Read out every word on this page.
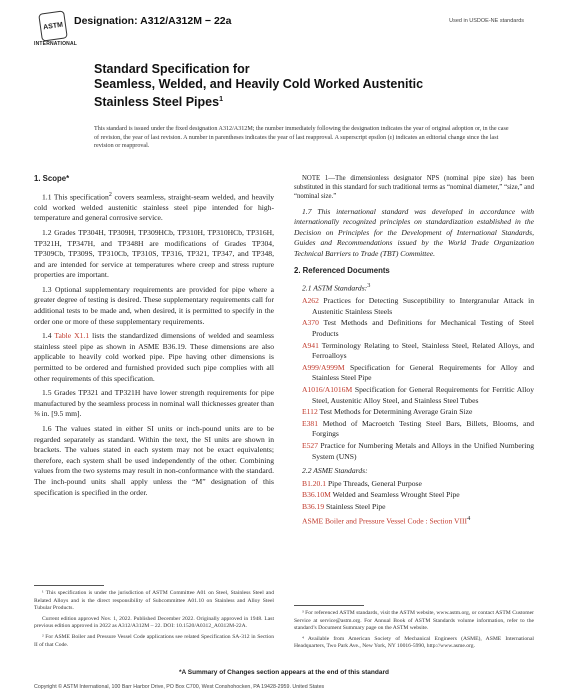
ASTM
INTERNATIONAL
Designation: A312/A312M − 22a	Used in USDOE-NE standards
Standard Specification for
Seamless, Welded, and Heavily Cold Worked Austenitic
Stainless Steel Pipes$^1$
This standard is issued under the fixed designation A312/A312M; the number immediately following the designation indicates the year of original adoption or, in the case of revision, the year of last revision. A number in parentheses indicates the year of last reapproval. A superscript epsilon (ε) indicates an editorial change since the last revision or reapproval.
1. Scope*

1.1 This specification$^2$ covers seamless, straight-seam welded, and heavily cold worked welded austenitic stainless steel pipe intended for high-temperature and general corrosive service.

1.2 Grades TP304H, TP309H, TP309HCb, TP310H, TP310HCb, TP316H, TP321H, TP347H, and TP348H are modifications of Grades TP304, TP309Cb, TP309S, TP310Cb, TP310S, TP316, TP321, TP347, and TP348, and are intended for service at temperatures where creep and stress rupture properties are important.

1.3 Optional supplementary requirements are provided for pipe where a greater degree of testing is desired. These supplementary requirements call for additional tests to be made and, when desired, it is permitted to specify in the order one or more of these supplementary requirements.

1.4 Table X1.1 lists the standardized dimensions of welded and seamless stainless steel pipe as shown in ASME B36.19. These dimensions are also applicable to heavily cold worked pipe. Pipe having other dimensions is permitted to be ordered and furnished provided such pipe complies with all other requirements of this specification.

1.5 Grades TP321 and TP321H have lower strength requirements for pipe manufactured by the seamless process in nominal wall thicknesses greater than ⅜ in. [9.5 mm].

1.6 The values stated in either SI units or inch-pound units are to be regarded separately as standard. Within the text, the SI units are shown in brackets. The values stated in each system may not be exact equivalents; therefore, each system shall be used independently of the other. Combining values from the two systems may result in non-conformance with the standard. The inch-pound units shall apply unless the “M” designation of this specification is specified in the order.

NOTE 1—The dimensionless designator NPS (nominal pipe size) has been substituted in this standard for such traditional terms as “nominal diameter,” “size,” and “nominal size.”

1.7 This international standard was developed in accordance with internationally recognized principles on standardization established in the Decision on Principles for the Development of International Standards, Guides and Recommendations issued by the World Trade Organization Technical Barriers to Trade (TBT) Committee.

2. Referenced Documents
2.1 ASTM Standards:$^3$
A262 Practices for Detecting Susceptibility to Intergranular Attack in Austenitic Stainless Steels
A370 Test Methods and Definitions for Mechanical Testing of Steel Products
A941 Terminology Relating to Steel, Stainless Steel, Related Alloys, and Ferroalloys
A999/A999M Specification for General Requirements for Alloy and Stainless Steel Pipe
A1016/A1016M Specification for General Requirements for Ferritic Alloy Steel, Austenitic Alloy Steel, and Stainless Steel Tubes
E112 Test Methods for Determining Average Grain Size
E381 Method of Macroetch Testing Steel Bars, Billets, Blooms, and Forgings
E527 Practice for Numbering Metals and Alloys in the Unified Numbering System (UNS)
2.2 ASME Standards:
B1.20.1 Pipe Threads, General Purpose
B36.10M Welded and Seamless Wrought Steel Pipe
B36.19 Stainless Steel Pipe
ASME Boiler and Pressure Vessel Code : Section VIII$^4$

¹ This specification is under the jurisdiction of ASTM Committee A01 on Steel, Stainless Steel and Related Alloys and is the direct responsibility of Subcommittee A01.10 on Stainless and Alloy Steel Tubular Products.

Current edition approved Nov. 1, 2022. Published December 2022. Originally approved in 1948. Last previous edition approved in 2022 as A312/A312M – 22. DOI: 10.1520/A0312_A0312M-22A.

² For ASME Boiler and Pressure Vessel Code applications see related Specification SA-312 in Section II of that Code.

³ For referenced ASTM standards, visit the ASTM website, www.astm.org, or contact ASTM Customer Service at service@astm.org. For Annual Book of ASTM Standards volume information, refer to the standard’s Document Summary page on the ASTM website.

⁴ Available from American Society of Mechanical Engineers (ASME), ASME International Headquarters, Two Park Ave., New York, NY 10016-5990, http://www.asme.org.

*A Summary of Changes section appears at the end of this standard
Copyright © ASTM International, 100 Barr Harbor Drive, PO Box C700, West Conshohocken, PA 19428-2959. United States
